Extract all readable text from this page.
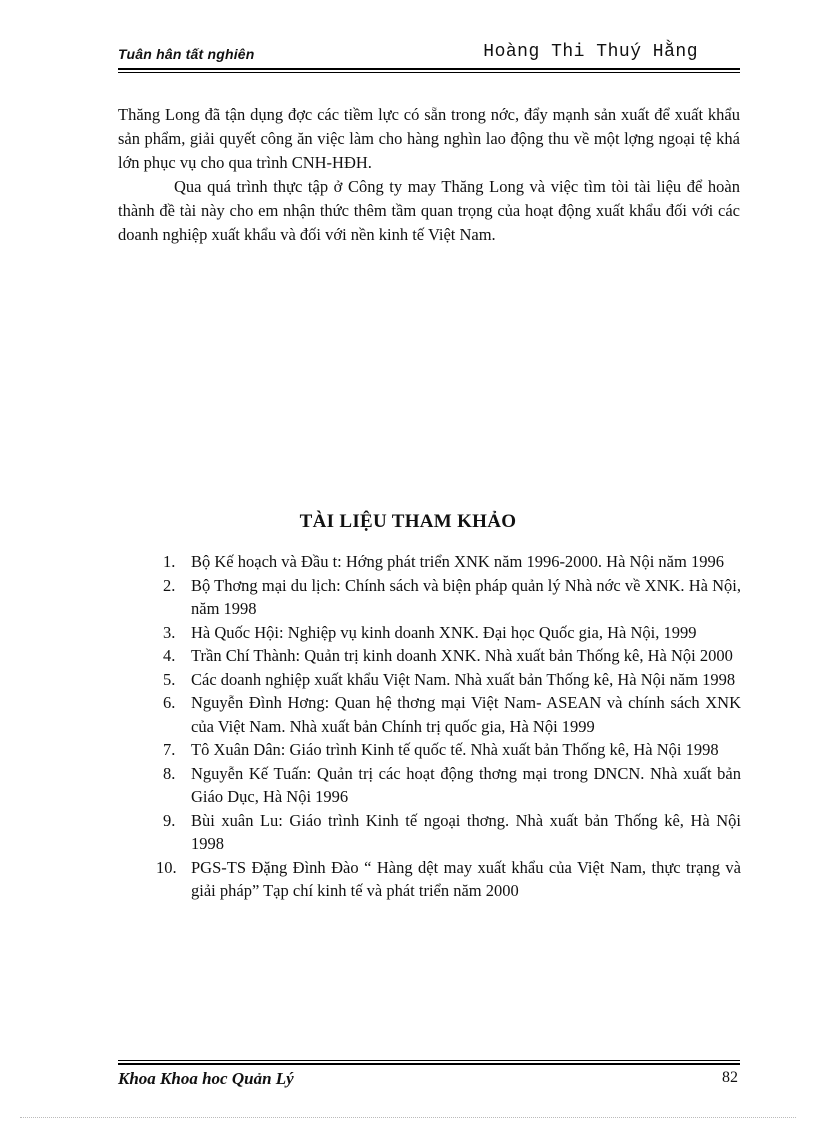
Tuân hân tất nghiên	Hoàng Thi Thuý Hằng

Thăng Long đã tận dụng đợc các tiềm lực có sẵn trong nớc, đẩy mạnh sản xuất để xuất khẩu sản phẩm, giải quyết công ăn việc làm cho hàng nghìn lao động thu về một lợng ngoại tệ khá lớn phục vụ cho qua trình CNH-HĐH.

Qua quá trình thực tập ở Công ty may Thăng Long và việc tìm tòi tài liệu để hoàn thành đề tài này cho em nhận thức thêm tầm quan trọng của hoạt động xuất khẩu đối với các doanh nghiệp xuất khẩu và đối với nền kinh tế Việt Nam.

TÀI LIỆU THAM KHẢO
1. Bộ Kế hoạch và Đầu t: Hớng phát triển XNK năm 1996-2000. Hà Nội năm 1996
2. Bộ Thơng mại du lịch: Chính sách và biện pháp quản lý Nhà nớc về XNK. Hà Nội, năm 1998
3. Hà Quốc Hội: Nghiệp vụ kinh doanh XNK. Đại học Quốc gia, Hà Nội, 1999
4. Trần Chí Thành: Quản trị kinh doanh XNK. Nhà xuất bản Thống kê, Hà Nội 2000
5. Các doanh nghiệp xuất khẩu Việt Nam. Nhà xuất bản Thống kê, Hà Nội năm 1998
6. Nguyễn Đình Hơng: Quan hệ thơng mại Việt Nam- ASEAN và chính sách XNK của Việt Nam. Nhà xuất bản Chính trị quốc gia, Hà Nội 1999
7. Tô Xuân Dân: Giáo trình Kinh tế quốc tế. Nhà xuất bản Thống kê, Hà Nội 1998
8. Nguyễn Kế Tuấn: Quản trị các hoạt động thơng mại trong DNCN. Nhà xuất bản Giáo Dục, Hà Nội 1996
9. Bùi xuân Lu: Giáo trình Kinh tế ngoại thơng. Nhà xuất bản Thống kê, Hà Nội 1998
10. PGS-TS Đặng Đình Đào “ Hàng dệt may xuất khẩu của Việt Nam, thực trạng và giải pháp” Tạp chí kinh tế và phát triển năm 2000
Khoa Khoa hoc Quản Lý	82
